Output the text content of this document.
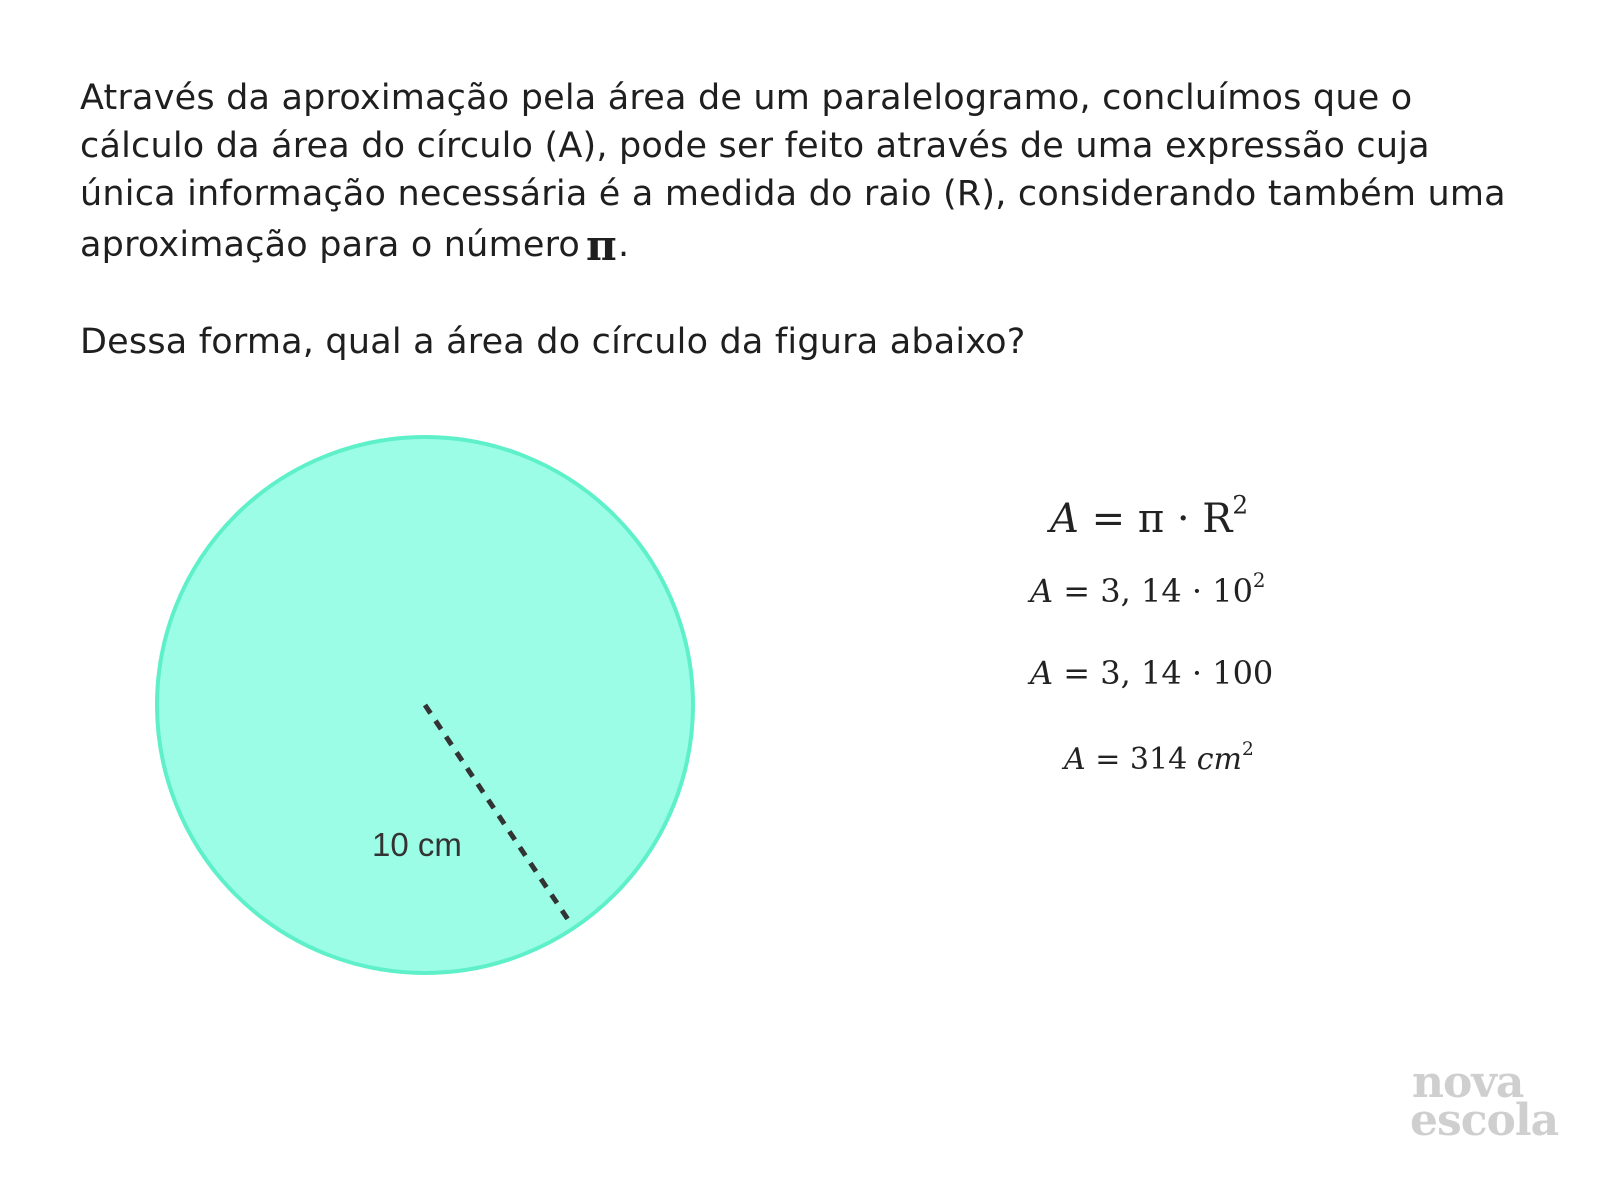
Através da aproximação pela área de um paralelogramo, concluímos que o cálculo da área do círculo (A), pode ser feito através de uma expressão cuja única informação necessária é a medida do raio (R), considerando também uma aproximação para o número π.

Dessa forma, qual a área do círculo da figura abaixo?

10 cm
$A = \pi \cdot R^2$
A = 3, $14 \cdot 10^2$
A = 3, 14 · 100
A = 314 $cm^2$
nova
escola
